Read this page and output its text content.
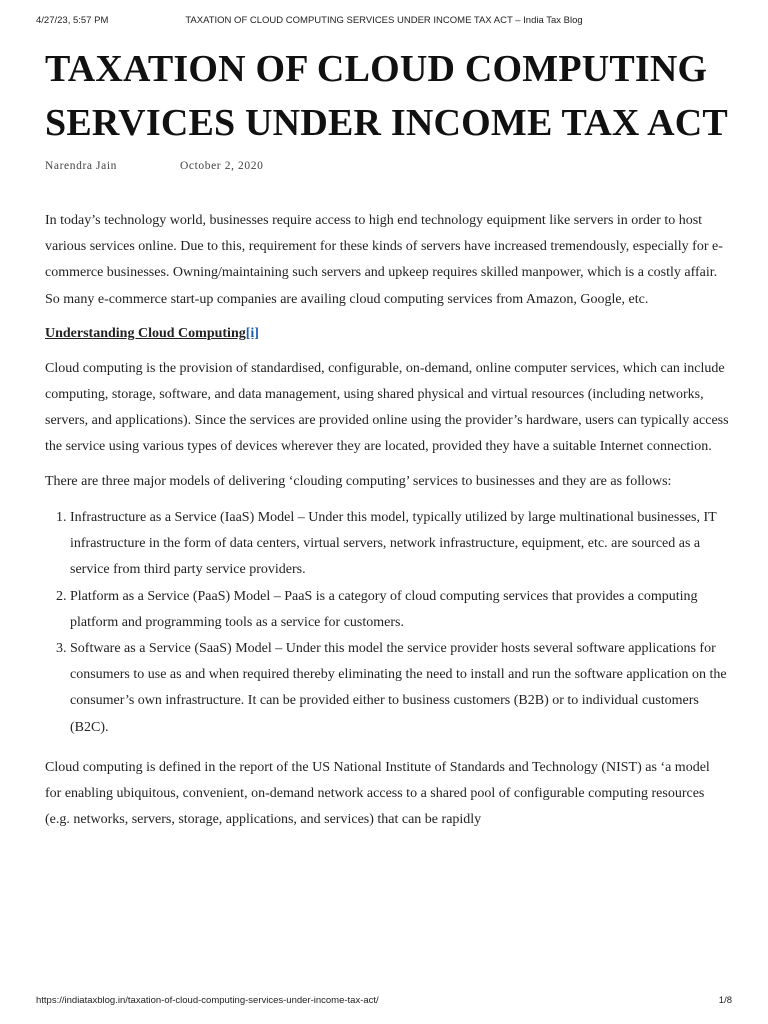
4/27/23, 5:57 PM	TAXATION OF CLOUD COMPUTING SERVICES UNDER INCOME TAX ACT – India Tax Blog
TAXATION OF CLOUD COMPUTING SERVICES UNDER INCOME TAX ACT
Narendra Jain	October 2, 2020

In today’s technology world, businesses require access to high end technology equipment like servers in order to host various services online. Due to this, requirement for these kinds of servers have increased tremendously, especially for e-commerce businesses. Owning/maintaining such servers and upkeep requires skilled manpower, which is a costly affair. So many e-commerce start-up companies are availing cloud computing services from Amazon, Google, etc.

Understanding Cloud Computing[i]

Cloud computing is the provision of standardised, configurable, on-demand, online computer services, which can include computing, storage, software, and data management, using shared physical and virtual resources (including networks, servers, and applications). Since the services are provided online using the provider’s hardware, users can typically access the service using various types of devices wherever they are located, provided they have a suitable Internet connection.

There are three major models of delivering ‘clouding computing’ services to businesses and they are as follows:

1. Infrastructure as a Service (IaaS) Model – Under this model, typically utilized by large multinational businesses, IT infrastructure in the form of data centers, virtual servers, network infrastructure, equipment, etc. are sourced as a service from third party service providers.
2. Platform as a Service (PaaS) Model – PaaS is a category of cloud computing services that provides a computing platform and programming tools as a service for customers.
3. Software as a Service (SaaS) Model – Under this model the service provider hosts several software applications for consumers to use as and when required thereby eliminating the need to install and run the software application on the consumer’s own infrastructure. It can be provided either to business customers (B2B) or to individual customers (B2C).

Cloud computing is defined in the report of the US National Institute of Standards and Technology (NIST) as ‘a model for enabling ubiquitous, convenient, on-demand network access to a shared pool of configurable computing resources (e.g. networks, servers, storage, applications, and services) that can be rapidly

https://indiataxblog.in/taxation-of-cloud-computing-services-under-income-tax-act/	1/8
